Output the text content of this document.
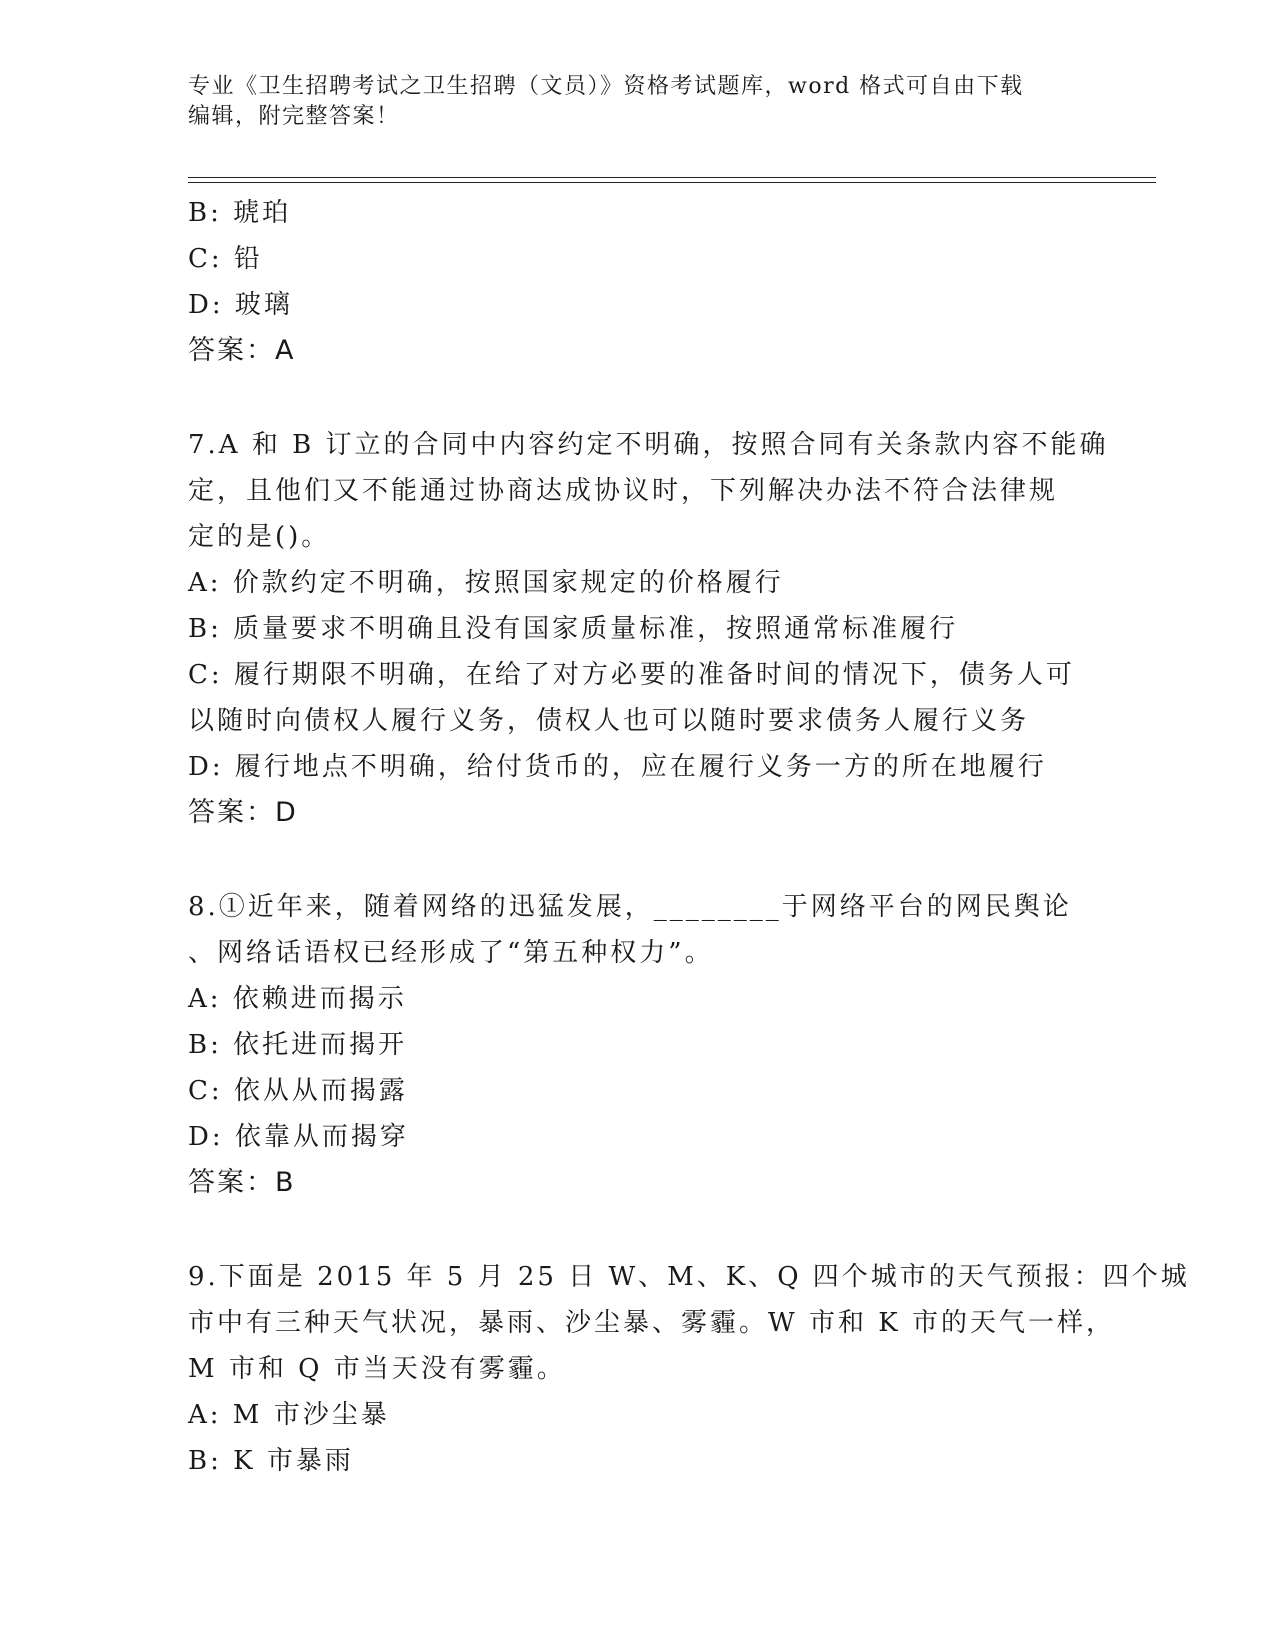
专业《卫生招聘考试之卫生招聘（文员）》资格考试题库，word 格式可自由下载
编辑，附完整答案！
B: 琥珀
C: 铅
D: 玻璃
答案：A
7.A 和 B 订立的合同中内容约定不明确，按照合同有关条款内容不能确
定，且他们又不能通过协商达成协议时，下列解决办法不符合法律规
定的是()。
A: 价款约定不明确，按照国家规定的价格履行
B: 质量要求不明确且没有国家质量标准，按照通常标准履行
C: 履行期限不明确，在给了对方必要的准备时间的情况下，债务人可
以随时向债权人履行义务，债权人也可以随时要求债务人履行义务
D: 履行地点不明确，给付货币的，应在履行义务一方的所在地履行
答案：D
8.①近年来，随着网络的迅猛发展，________于网络平台的网民舆论
、网络话语权已经形成了“第五种权力”。
A: 依赖进而揭示
B: 依托进而揭开
C: 依从从而揭露
D: 依靠从而揭穿
答案：B
9.下面是 2015 年 5 月 25 日 W、M、K、Q 四个城市的天气预报：四个城
市中有三种天气状况，暴雨、沙尘暴、雾霾。W 市和 K 市的天气一样，
M 市和 Q 市当天没有雾霾。
A: M 市沙尘暴
B: K 市暴雨
